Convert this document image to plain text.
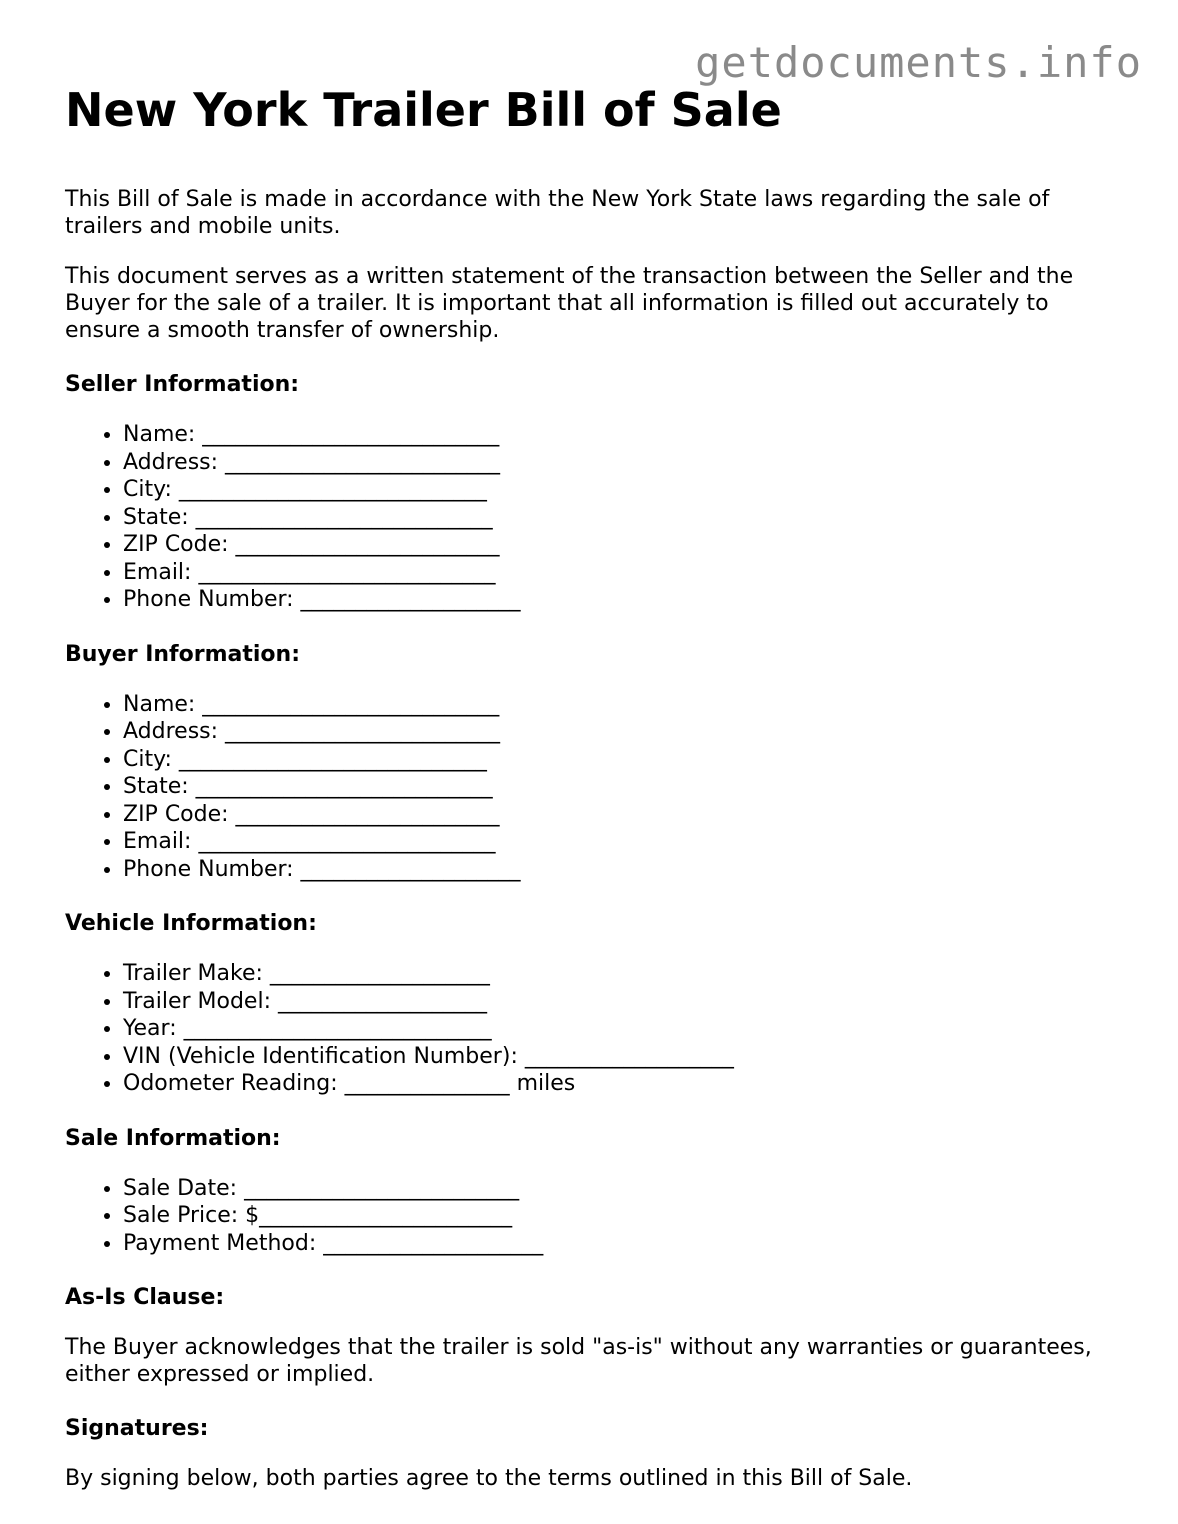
getdocuments.info
New York Trailer Bill of Sale

This Bill of Sale is made in accordance with the New York State laws regarding the sale of trailers and mobile units.

This document serves as a written statement of the transaction between the Seller and the Buyer for the sale of a trailer. It is important that all information is filled out accurately to ensure a smooth transfer of ownership.

Seller Information:
• Name: ___________________________
• Address: _________________________
• City: ____________________________
• State: ___________________________
• ZIP Code: ________________________
• Email: ___________________________
• Phone Number: ____________________
Buyer Information:
• Name: ___________________________
• Address: _________________________
• City: ____________________________
• State: ___________________________
• ZIP Code: ________________________
• Email: ___________________________
• Phone Number: ____________________
Vehicle Information:
• Trailer Make: ____________________
• Trailer Model: ___________________
• Year: ____________________________
• VIN (Vehicle Identification Number): ___________________
• Odometer Reading: _______________ miles
Sale Information:
• Sale Date: _________________________
• Sale Price: $_______________________
• Payment Method: ____________________
As-Is Clause:

The Buyer acknowledges that the trailer is sold "as-is" without any warranties or guarantees, either expressed or implied.

Signatures:

By signing below, both parties agree to the terms outlined in this Bill of Sale.
